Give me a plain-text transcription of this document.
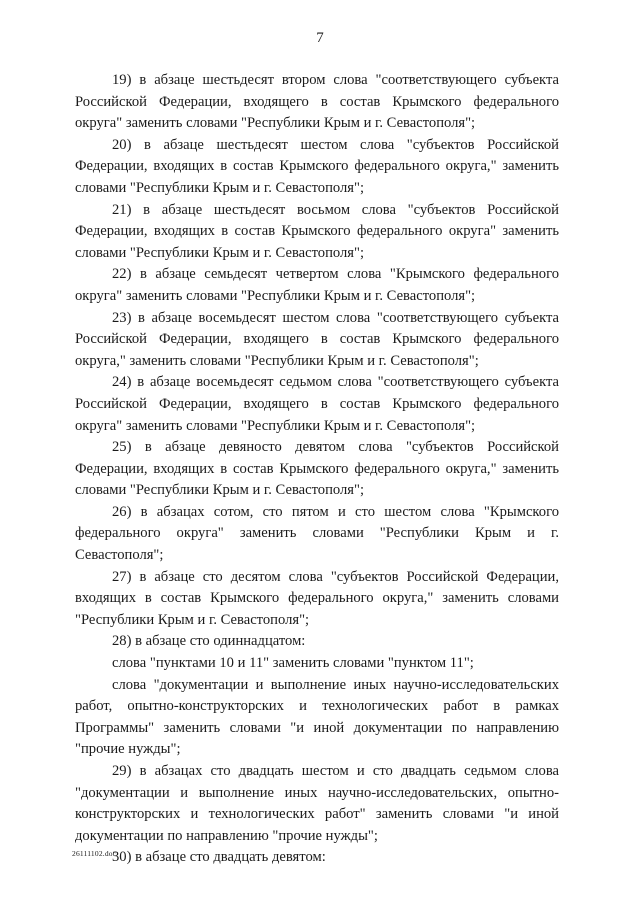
7

19) в абзаце шестьдесят втором слова "соответствующего субъекта Российской Федерации, входящего в состав Крымского федерального округа" заменить словами "Республики Крым и г. Севастополя";

20) в абзаце шестьдесят шестом слова "субъектов Российской Федерации, входящих в состав Крымского федерального округа," заменить словами "Республики Крым и г. Севастополя";

21) в абзаце шестьдесят восьмом слова "субъектов Российской Федерации, входящих в состав Крымского федерального округа" заменить словами "Республики Крым и г. Севастополя";

22) в абзаце семьдесят четвертом слова "Крымского федерального округа" заменить словами "Республики Крым и г. Севастополя";

23) в абзаце восемьдесят шестом слова "соответствующего субъекта Российской Федерации, входящего в состав Крымского федерального округа," заменить словами "Республики Крым и г. Севастополя";

24) в абзаце восемьдесят седьмом слова "соответствующего субъекта Российской Федерации, входящего в состав Крымского федерального округа" заменить словами "Республики Крым и г. Севастополя";

25) в абзаце девяносто девятом слова "субъектов Российской Федерации, входящих в состав Крымского федерального округа," заменить словами "Республики Крым и г. Севастополя";

26) в абзацах сотом, сто пятом и сто шестом слова "Крымского федерального округа" заменить словами "Республики Крым и г. Севастополя";

27) в абзаце сто десятом слова "субъектов Российской Федерации, входящих в состав Крымского федерального округа," заменить словами "Республики Крым и г. Севастополя";

28) в абзаце сто одиннадцатом:

слова "пунктами 10 и 11" заменить словами "пунктом 11";

слова "документации и выполнение иных научно-исследовательских работ, опытно-конструкторских и технологических работ в рамках Программы" заменить словами "и иной документации по направлению "прочие нужды";

29) в абзацах сто двадцать шестом и сто двадцать седьмом слова "документации и выполнение иных научно-исследовательских, опытно-конструкторских и технологических работ" заменить словами "и иной документации по направлению "прочие нужды";

30) в абзаце сто двадцать девятом:

26111102.doc
